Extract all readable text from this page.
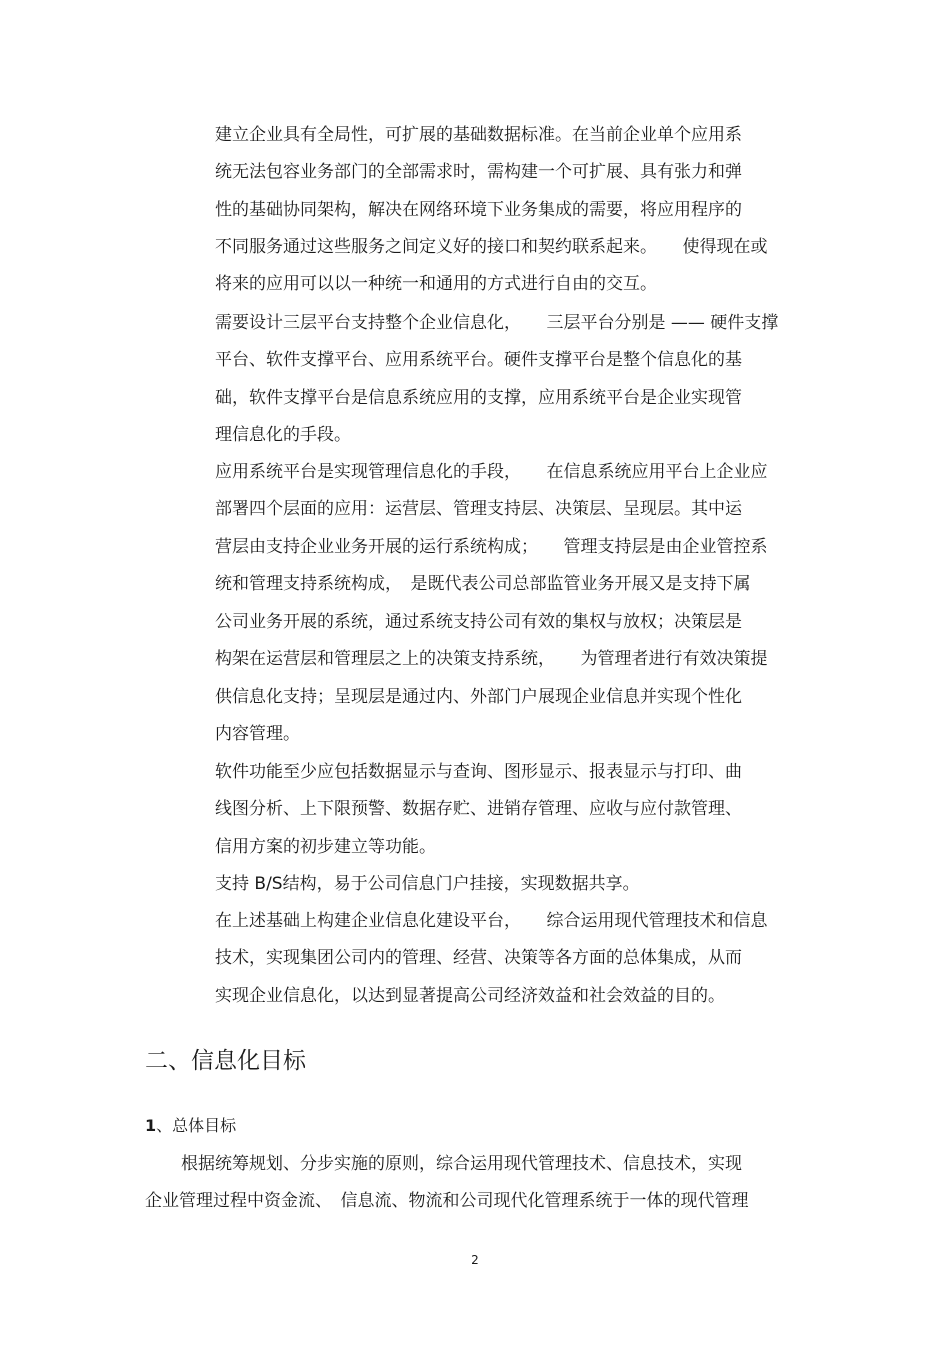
建立企业具有全局性，可扩展的基础数据标准。在当前企业单个应用系
统无法包容业务部门的全部需求时，需构建一个可扩展、具有张力和弹
性的基础协同架构，解决在网络环境下业务集成的需要，将应用程序的
不同服务通过这些服务之间定义好的接口和契约联系起来。　　使得现在或
将来的应用可以以一种统一和通用的方式进行自由的交互。
需要设计三层平台支持整个企业信息化，　　三层平台分别是 —— 硬件支撑
平台、软件支撑平台、应用系统平台。硬件支撑平台是整个信息化的基
础，软件支撑平台是信息系统应用的支撑，应用系统平台是企业实现管
理信息化的手段。
应用系统平台是实现管理信息化的手段，　　在信息系统应用平台上企业应
部署四个层面的应用：运营层、管理支持层、决策层、呈现层。其中运
营层由支持企业业务开展的运行系统构成；　　管理支持层是由企业管控系
统和管理支持系统构成，　是既代表公司总部监管业务开展又是支持下属
公司业务开展的系统，通过系统支持公司有效的集权与放权；决策层是
构架在运营层和管理层之上的决策支持系统，　　为管理者进行有效决策提
供信息化支持；呈现层是通过内、外部门户展现企业信息并实现个性化
内容管理。
软件功能至少应包括数据显示与查询、图形显示、报表显示与打印、曲
线图分析、上下限预警、数据存贮、进销存管理、应收与应付款管理、
信用方案的初步建立等功能。
支持 B/S结构，易于公司信息门户挂接，实现数据共享。
在上述基础上构建企业信息化建设平台，　　综合运用现代管理技术和信息
技术，实现集团公司内的管理、经营、决策等各方面的总体集成，从而
实现企业信息化，以达到显著提高公司经济效益和社会效益的目的。
二、信息化目标
1、总体目标
根据统筹规划、分步实施的原则，综合运用现代管理技术、信息技术，实现
企业管理过程中资金流、　信息流、物流和公司现代化管理系统于一体的现代管理
2
